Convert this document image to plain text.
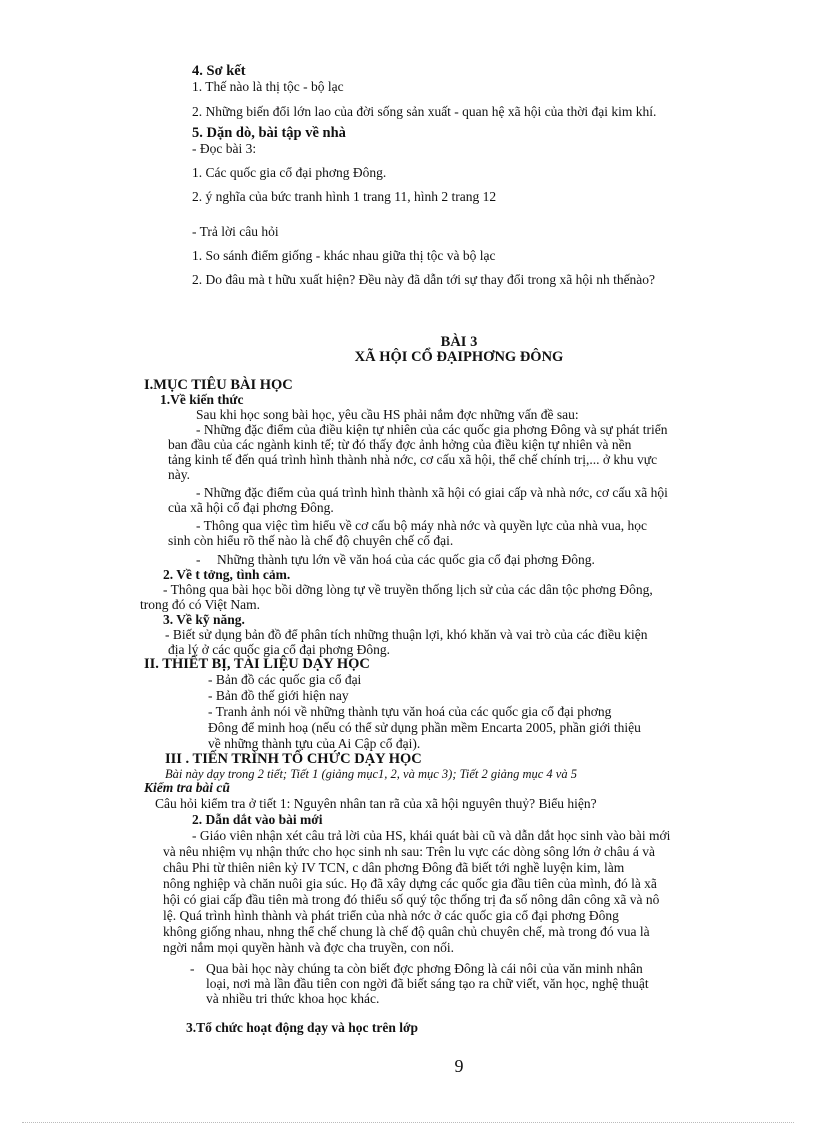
4. Sơ kết
1. Thế nào là thị tộc - bộ lạc
2. Những biến đổi lớn lao của đời sống sản xuất - quan hệ xã hội của thời đại kim khí.
5. Dặn dò, bài tập về nhà
- Đọc bài 3:
1. Các quốc gia cổ đại phơng Đông.
2. ý nghĩa của bức tranh hình 1 trang 11, hình 2 trang 12
- Trả lời câu hỏi
1. So sánh điểm giống - khác nhau giữa thị tộc và bộ lạc
2. Do đâu mà t hữu xuất hiện? Đều này đã dẫn tới sự thay đổi trong xã hội nh thếnào?
BÀI 3
XÃ HỘI CỔ ĐẠIPHƠNG ĐÔNG
I.MỤC TIÊU BÀI HỌC
1.Về kiến thức
Sau khi học song bài học, yêu cầu HS phải nắm đợc những vấn đề sau:
- Những đặc điểm của điều kiện tự nhiên của các quốc gia phơng Đông và sự phát triển
ban đầu của các ngành kinh tế; từ đó thấy đợc ảnh hởng của điều kiện tự nhiên và nền
tảng kinh tế đến quá trình hình thành nhà nớc, cơ cấu xã hội, thể chế chính trị,... ở khu vực
này.
- Những đặc điểm của quá trình hình thành xã hội có giai cấp và nhà nớc, cơ cấu xã hội
của xã hội cổ đại phơng Đông.
- Thông qua việc tìm hiểu về cơ cấu bộ máy nhà nớc và quyền lực của nhà vua, học
sinh còn hiểu rõ thế nào là chế độ chuyên chế cổ đại.
- Những thành tựu lớn về văn hoá của các quốc gia cổ đại phơng Đông.
2. Về t tởng, tình cảm.
- Thông qua bài học bồi dỡng lòng tự về truyền thống lịch sử của các dân tộc phơng Đông,
trong đó có Việt Nam.
3. Về kỹ năng.
- Biết sử dụng bản đồ để phân tích những thuận lợi, khó khăn và vai trò của các điều kiện
địa lý ở các quốc gia cổ đại phơng Đông.
II. THIẾT BỊ, TÀI LIỆU DẠY HỌC
- Bản đồ các quốc gia cổ đại
- Bản đồ thế giới hiện nay
- Tranh ảnh nói về những thành tựu văn hoá của các quốc gia cổ đại phơng
Đông để minh hoạ (nếu có thể sử dụng phần mềm Encarta 2005, phần giới thiệu
về những thành tựu của Ai Cập cổ đại).
III . TIẾN TRÌNH TỔ CHỨC DẠY HỌC
Bài này dạy trong 2 tiết; Tiết 1 (giảng mục1, 2, và mục 3); Tiết 2 giảng mục 4 và 5
Kiểm tra bài cũ
Câu hỏi kiểm tra ở tiết 1: Nguyên nhân tan rã của xã hội nguyên thuỷ? Biểu hiện?
2. Dẫn dắt vào bài mới
- Giáo viên nhận xét câu trả lời của HS, khái quát bài cũ và dẫn dắt học sinh vào bài mới
và nêu nhiệm vụ nhận thức cho học sinh nh sau: Trên lu vực các dòng sông lớn ở châu á và
châu Phi từ thiên niên kỷ IV TCN, c dân phơng Đông đã biết tới nghề luyện kim, làm
nông nghiệp và chăn nuôi gia súc. Họ đã xây dựng các quốc gia đầu tiên của mình, đó là xã
hội có giai cấp đầu tiên mà trong đó thiểu số quý tộc thống trị đa số nông dân công xã và nô
lệ. Quá trình hình thành và phát triển của nhà nớc ở các quốc gia cổ đại phơng Đông
không giống nhau, nhng thể chế chung là chế độ quân chủ chuyên chế, mà trong đó vua là
ngời nắm mọi quyền hành và đợc cha truyền, con nối.
- Qua bài học này chúng ta còn biết đợc phơng Đông là cái nôi của văn minh nhân
loại, nơi mà lần đầu tiên con ngời đã biết sáng tạo ra chữ viết, văn học, nghệ thuật
và nhiều tri thức khoa học khác.
3.Tổ chức hoạt động dạy và học trên lớp
9
